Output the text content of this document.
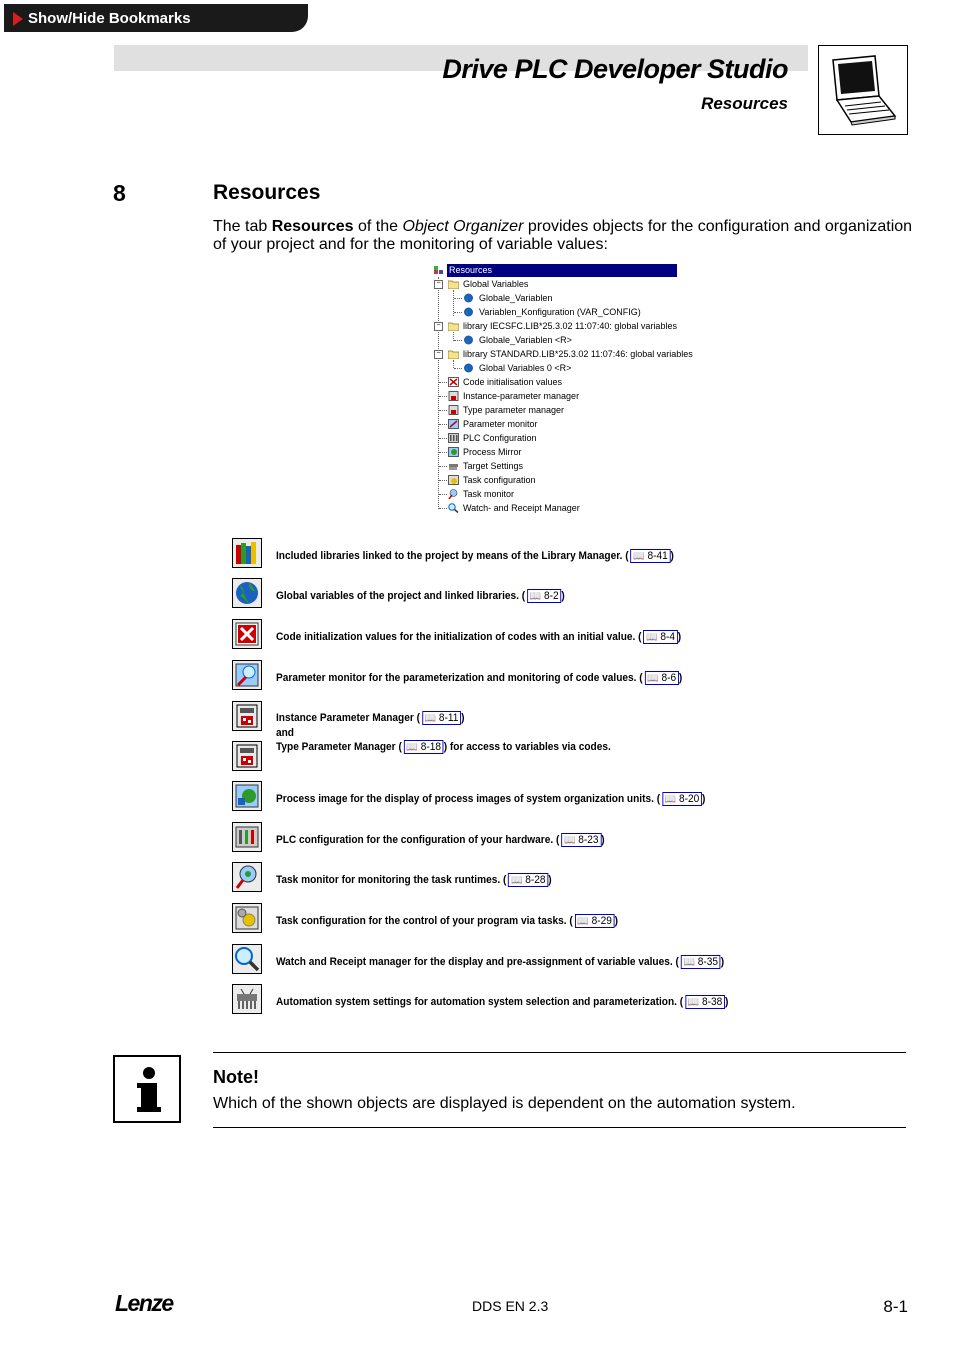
Show/Hide Bookmarks
Drive PLC Developer Studio
Resources
8	Resources
The tab Resources of the Object Organizer provides objects for the configuration and organization of your project and for the monitoring of variable values:
Resources
− Global Variables
Globale_Variablen
Variablen_Konfiguration (VAR_CONFIG)
− library IECSFC.LIB*25.3.02 11:07:40: global variables
Globale_Variablen <R>
− library STANDARD.LIB*25.3.02 11:07:46: global variables
Global Variables 0 <R>
Code initialisation values
Instance-parameter manager
Type parameter manager
Parameter monitor
PLC Configuration
Process Mirror
Target Settings
Task configuration
Task monitor
Watch- and Receipt Manager
Included libraries linked to the project by means of the Library Manager. ( 📖 8-41 )
Global variables of the project and linked libraries. ( 📖 8-2 )
Code initialization values for the initialization of codes with an initial value. ( 📖 8-4 )
Parameter monitor for the parameterization and monitoring of code values. ( 📖 8-6 )
Process image for the display of process images of system organization units. ( 📖 8-20 )
PLC configuration for the configuration of your hardware. ( 📖 8-23 )
Task monitor for monitoring the task runtimes. ( 📖 8-28 )
Task configuration for the control of your program via tasks. ( 📖 8-29 )
Watch and Receipt manager for the display and pre-assignment of variable values. ( 📖 8-35 )
Automation system settings for automation system selection and parameterization. ( 📖 8-38 )
Instance Parameter Manager ( 📖 8-11 )
and
Type Parameter Manager ( 📖 8-18 ) for access to variables via codes.
Note!
Which of the shown objects are displayed is dependent on the automation system.
Lenze	DDS EN 2.3	8-1
